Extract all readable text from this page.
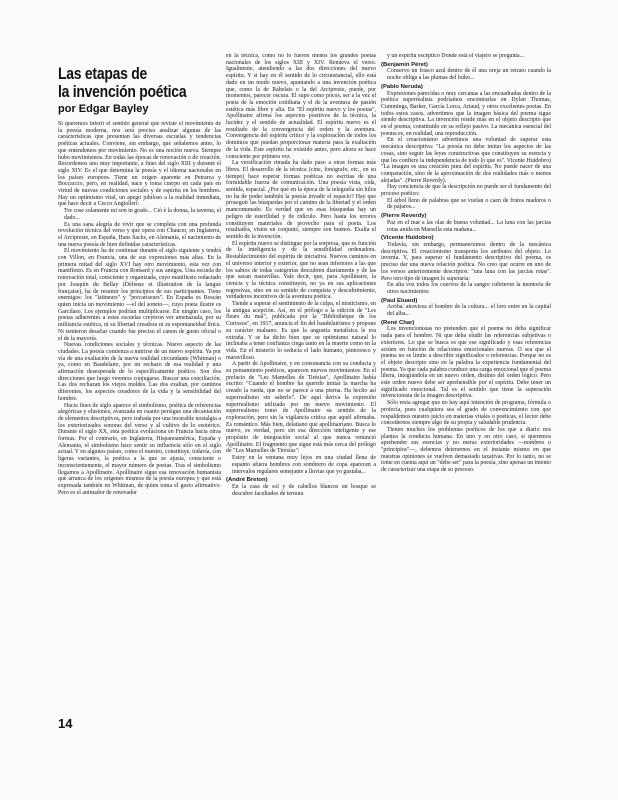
Las etapas de
la invención poética
por Edgar Bayley

Si queremos inferir el sentido general que reviste el movimiento de la poesía moderna, nos será preciso analizar algunas de las características que presentan las diversas escuelas y tendencias poéticas actuales. Conviene, sin embargo, que señalemos antes, lo que entendemos por movimiento. No es una noción nueva. Siempre hubo movimientos. En todas las épocas de renovación o de creación. Recordemos uno muy importante, a fines del siglo XIII y durante el siglo XIV. Es el que determina la poesía y el idioma nacionales en los países europeos. Tiene un origen aparente en Petrarca y Boccaccio, pero, en realidad, nace y toma cuerpo en cada país en virtud de nuevas condiciones sociales y de espíritu en los hombres. Hay un optimismo vital, un apego jubiloso a la realidad inmediata, que hace decir a Cecco Angiolieri:

Tre cose solamente mi son in grado... Ciò è la donna, la taverna, el dado...

Es una sana alegría de vivir que se completa con una profunda revolución técnica del verso y que opera con Chaucer, en Inglaterra, el Arcipreste, en España, Hans Sachs, en Alemania, el nacimiento de una nueva poesía de bien definidas características.

El movimiento ha de continuar durante el siglo siguiente y tendrá con Villon, en Francia, una de sus expresiones más altas. En la primera mitad del siglo XVI hay otro movimiento, esta vez con manifiesto. Es en Francia con Ronsard y sus amigos. Una escuela de renovación total, consciente y organizada, cuyo manifiesto redactado por Joaquín du Bellay (Défense et illustration de la langue française), ha de resumir los principios de sus participantes. Tiene enemigos: los "latineurs" y "precariseurs". En España es Boscán quien inicia un movimiento —el del soneto—, cuyo poeta ilustre es Garcilaso. Los ejemplos podrían multiplicarse. En ningún caso, los poetas adherentes a estas escuelas creyeron ver amenazada, por su militancia estética, ni su libertad creadora ni su espontaneidad lírica. Ni temieron desafiar cuando fue preciso el canon de gusto oficial o el de la mayoría.

Nuevas condiciones sociales y técnicas. Nuevo aspecto de las ciudades. La poesía comienza a nutrirse de un nuevo espíritu. Ya por vía de una exaltación de la nueva realidad circundante (Whitman) o ya, como en Baudelaire, por un rechazo de esa realidad y una afirmación desesperada de lo específicamente poético. Son dos direcciones que luego veremos conjugarse. Buscar una conciliación. Las dos rechazan los viejos moldes. Las dos exaltan, por caminos diferentes, los aspectos creadores de la vida y la sensibilidad del hombre.

Hacia fines de siglo aparece el simbolismo, poética de referencias alegóricas y elusiones, avanzada en cuanto persigue una decantación de elementos descriptivos, pero trabada por una incurable nostalgia a los exteriorizades sonoras del verso y al cultivo de lo esotérico. Durante el siglo XX, esta poética evoluciona en Francia hacia otras formas. Por el contrario, en Inglaterra, Hispanoamérica, España y Alemania, el simbolismo hace sentir su influencia sólo en el siglo actual. Y en algunos países, como el nuestro, constituye, todavía, con ligeras variantes, la poética a la que se ajusta, consciente o inconscientemente, el mayor número de poetas. Tras el simbolismo llegamos a Apollinaire. Apollinaire sigue esa renovación humanista que arranca de los orígenes mismos de la poesía europea y que está expresada también en Whitman, de quien toma el gesto afirmativo. Pero es el animador de renovador

en la técnica, como no lo fueron menos los grandes poetas nacionales de los siglos XIII y XIV. Renueva el verso. Igualmente, atendiendo a las dos direcciones del nuevo espíritu. Y si hay en él sentido de lo circunstancial, ello está dado en un modo nuevo, apuntando a una invención poética que, como la de Rabelais o la del Arcipreste, puede, por momentos, parecer oscura. El supo como pocos, ser a la vez el poeta de la emoción cotidiana y el de la aventura de pasión estética más libre y alta. En "El espíritu nuevo y los poetas", Apollinaire afirma los aspectos positivos de la técnica, la lucidez y el sentido de actualidad. El espíritu nuevo es el resultado de la convergencia del orden y la aventura. Convergencia del espíritu crítico y la exploración de todos los dominios que puedan proporcionar materia para la exaltación de la vida. Este espíritu ha existido antes, pero ahora se hace consciente por primera vez.

La versificación rimada ha dado paso a otras formas más libres. El desarrollo de la técnica (cine, fonógrafo, etc., en su tiempo) hace esperar formas poéticas no escritas de una formidable fuerza de comunicación. Una poesía vista, oída, sentida, espacial. ¿Por qué en la época de la telegrafía sin hilos no ha de poder también la poesía invadir el espacio? Hay que proseguir las búsquedas por el camino de la libertad y el orden mancomunado. Es verdad que en esas búsquedas hay un peligro de esterilidad y de ridículo. Pero hasta los errores constituyen materiales de provecho para el poeta. Los resultados, vistos en conjunto, siempre son buenos. Exalta el sentido de la invención.

El espíritu nuevo se distingue por la sorpresa, que es función de la inteligencia y de la sensibilidad ordenadora. Restablecimiento del espíritu de iniciativa. Nuevos caminos en el universo interior y exterior, que no sean inferiores a las que los sabios de todas categorías descubren diariamente y de las que sacan maravillas. Vale decir, que, para Apollinaire, la ciencia y la técnica constituyen, no ya en sus aplicaciones regresivas, sino en su sentido de conquista y descubrimiento, verdaderos incentivos de la aventura poética.

Tiende a superar el sentimiento de la culpa, el misticismo, en la antigua acepción. Así, en el prólogo a la edición de "Les fleurs du mal", publicada por la "Bibliothèque de los Curiosos", en 1917, anuncia el fin del baudelairismo y propone su carácter malsano. Es que la angustia metafísica le era extraña. Y se ha dicho bien que su optimismo natural lo inclinaba a tener confianza ciega tanto en la muerte como en la vida. En el misterio lo seducía el lado humano, pintoresco y maravilloso.

A partir de Apollinaire, y en consonancia con su conducta y su pensamiento poéticos, aparecen nuevos movimientos. En el prefacio de "Les Mamelles de Tirésias", Apollinaire había escrito: "Cuando el hombre ha querido imitar la marcha ha creado la rueda, que no se parece a una pierna. Ha hecho así superrealismo sin saberlo". De aquí deriva la expresión superrealismo utilizada por un nuevo movimiento. El superrealismo tomó de Apollinaire su sentido de la exploración, pero sin la vigilancia crítica que aquél afirmaba. Es romántico. Más bien, delatiano que apollinairiano. Busca lo nuevo, es verdad, pero sin esa dirección inteligente y ese propósito de integración social al que nunca renunció Apollinaire. El fragmento que sigue está más cerca del prólogo de "Les Mamelles de Tirésias":

Estoy en la ventana muy lejos en una ciudad llena de espanto afuera hombres con sombrero de copa aparecen a intervalos regulares semejante a lluvias que yo gustaba...

(André Breton)

En la casa de sol y de cabellos blancos un bosque se descubre facultades de ternura

y un espíritu escéptico Donde está el viajero se pregunta...

(Benjamin Péret)

Conservo un frasco azul dentro de él una oreja un retrato cuando la noche obliga a las plumas del búho...

(Pablo Neruda)

Expresiones parecidas o muy cercanas a las encuadradas dentro de la poética superrealista podríamos encontrarlas en Dylan Thomas, Cummings, Barker, García Lorca, Artaud, y otros excelentes poetas. En todos estos casos, advertimos que la imagen básica del poema sigue siendo descriptiva. La invención reside más en el objeto descripto que en el poema, constituido en su reflejo pasivo. La mecánica esencial del poema es, en realidad, una reproducción.

En el creacionismo advertimos una voluntad de superar esta mecánica descriptiva: "La poesía no debe imitar los aspectos de las cosas, sino seguir las leyes constructivas que constituyen su esencia y que les confiere la independencia de todo lo que es". Vicente Huidobro) "La imagen es una creación pura del espíritu. No puede nacer de una comparación, sino de la aproximación de dos realidades más o menos alejadas". (Pierre Reverdy).

Hay conciencia de que la descripción no puede ser el fundamento del proceso poético:

El árbol lleno de palabras que se vuelan o caen de frutos maduros o de pájaros...

(Pierre Reverdy)

Paz en el mar a las olas de buena voluntad... La luna con las jarcias rotas anida en Marsella esta mañana...

(Vicente Huidobro)

Todavía, sin embargo, permanecemos dentro de la mecánica descriptiva. El creacionismo transporta los atributos del objeto. Lo inventa. Y, para superar el fundamento descriptivo del poema, es preciso dar una nueva relación poética. No creo que ocurre en uno de los versos anteriormente descriptos: "una luna con las jarcias rotas". Pero otro tipo de imagen lo superaría:

En alta voz todos los cuervos de la sangre cubrieron la memoria de otros nacimientos

(Paul Eluard)

Arriba: atraviesa el hombre de la cultura... el loro entre en la capital del alba...

(René Char)

Los invencionistas no pretenden que el poema no deba significar nada para el hombre. Ni que deba eludir las referencias subjetivas o exteriores. Lo que se busca es que ese significado y esas referencias actúen en función de relaciones emocionales nuevas. O sea que el poema no se limite a describir significados o referencias. Porque no es el objeto descripto sino en la palabra la experiencia fundamental del poema. Ya que cada palabra conduce una carga emocional que el poema libera, integrándola en un nuevo orden, distinto del orden lógico. Pero este orden nuevo debe ser aprehensible por el espíritu. Debe tener un significado emocional. Tal es el sentido que tiene la superación invencionista de la imagen descriptiva.

Sólo resta agregar que no hay aquí intención de programa, fórmula o profecía, pues cualquiera sea el grado de convencimiento con que respaldemos nuestro juicio en materias vitales o poéticas, el lector debe concedernos siempre algo de su propia y saludable prudencia.

Tienen muchos los problemas poéticos de los que a diario nos plantea la conducta humana. En uno y en otro caso, si queremos aprehender sus esencias y no meras exterioridades —nombres o "principios"—, debemos detenernos en el instante mismo en que nuestras opiniones se vuelven demasiado taxativas. Por lo tanto, no se tome en cuenta aquí un "debe ser" para la poesía, sino apenas un intento de caracterizar una etapa de su proceso.

14
